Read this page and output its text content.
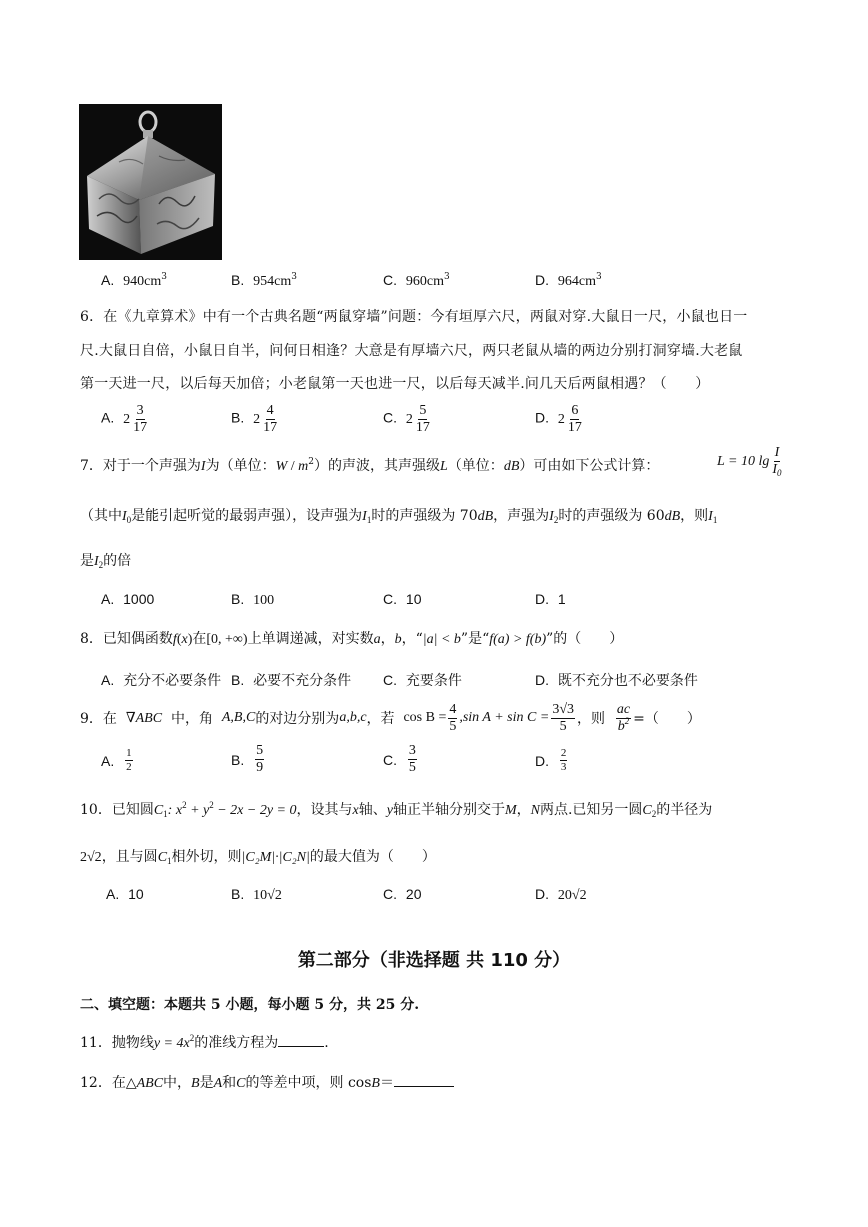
A. $940cm^3$	B. $954cm^3$	C. $960cm^3$	D. $964cm^3$
6．在《九章算术》中有一个古典名题“两鼠穿墙”问题：今有垣厚六尺，两鼠对穿.大鼠日一尺，小鼠也日一
尺.大鼠日自倍，小鼠日自半，问何日相逢？大意是有厚墙六尺，两只老鼠从墙的两边分别打洞穿墙.大老鼠
第一天进一尺，以后每天加倍；小老鼠第一天也进一尺，以后每天减半.问几天后两鼠相遇？（　　）
A. $2 \frac{3}{17}$	B. $2 \frac{4}{17}$	C. $2 \frac{5}{17}$	D. $2 \frac{6}{17}$
7．对于一个声强为I为（单位：W / $m^2$）的声波，其声强级L（单位：dB）可由如下公式计算：	L = 10 $\lg \frac{I}{I_0}$
（其中$I_0$是能引起听觉的最弱声强），设声强为$I_1$时的声强级为 70dB，声强为$I_2$时的声强级为 60dB，则$I_1$
是$I_2$的倍
A. 1000	B. 100	C. 10	D. 1
8．已知偶函数f(x)在[0, +∞)上单调递减，对实数a，b，“|a| < b”是“f(a) > f(b)”的（　　）
A. 充分不必要条件 B. 必要不充分条件 C. 充要条件	D. 既不充分也不必要条件
9．在
∇ABC
中，角
A,B,C 的对边分别为 a,b,c ，若
$\cos B = \frac{4}{5} ,\sin$ $A + \sin C = \frac{3√3}{5}$ ，则
$\frac{ac}{b^2}$ =（　　）
A.
$\frac{1}{2}$	B.
$\frac{5}{9}$	C.
$\frac{3}{5}$	D.
$\frac{2}{3}$
10．已知圆$C_1$: $x^2 + y^2 - 2x - 2y = 0$，设其与x轴、y轴正半轴分别交于M，N两点.已知另一圆$C_2$的半径为
2√2，且与圆$C_1$相外切，则|C₂M|·|C₂N|的最大值为（　　）
A. 10	B. 10√2	C. 20	D. 20√2
第二部分（非选择题 共 110 分）
二、填空题：本题共 5 小题，每小题 5 分，共 25 分.
11．抛物线$y = 4x^2$的准线方程为	.
12．在△ABC中，B是A和C的等差中项，则 cosB＝
